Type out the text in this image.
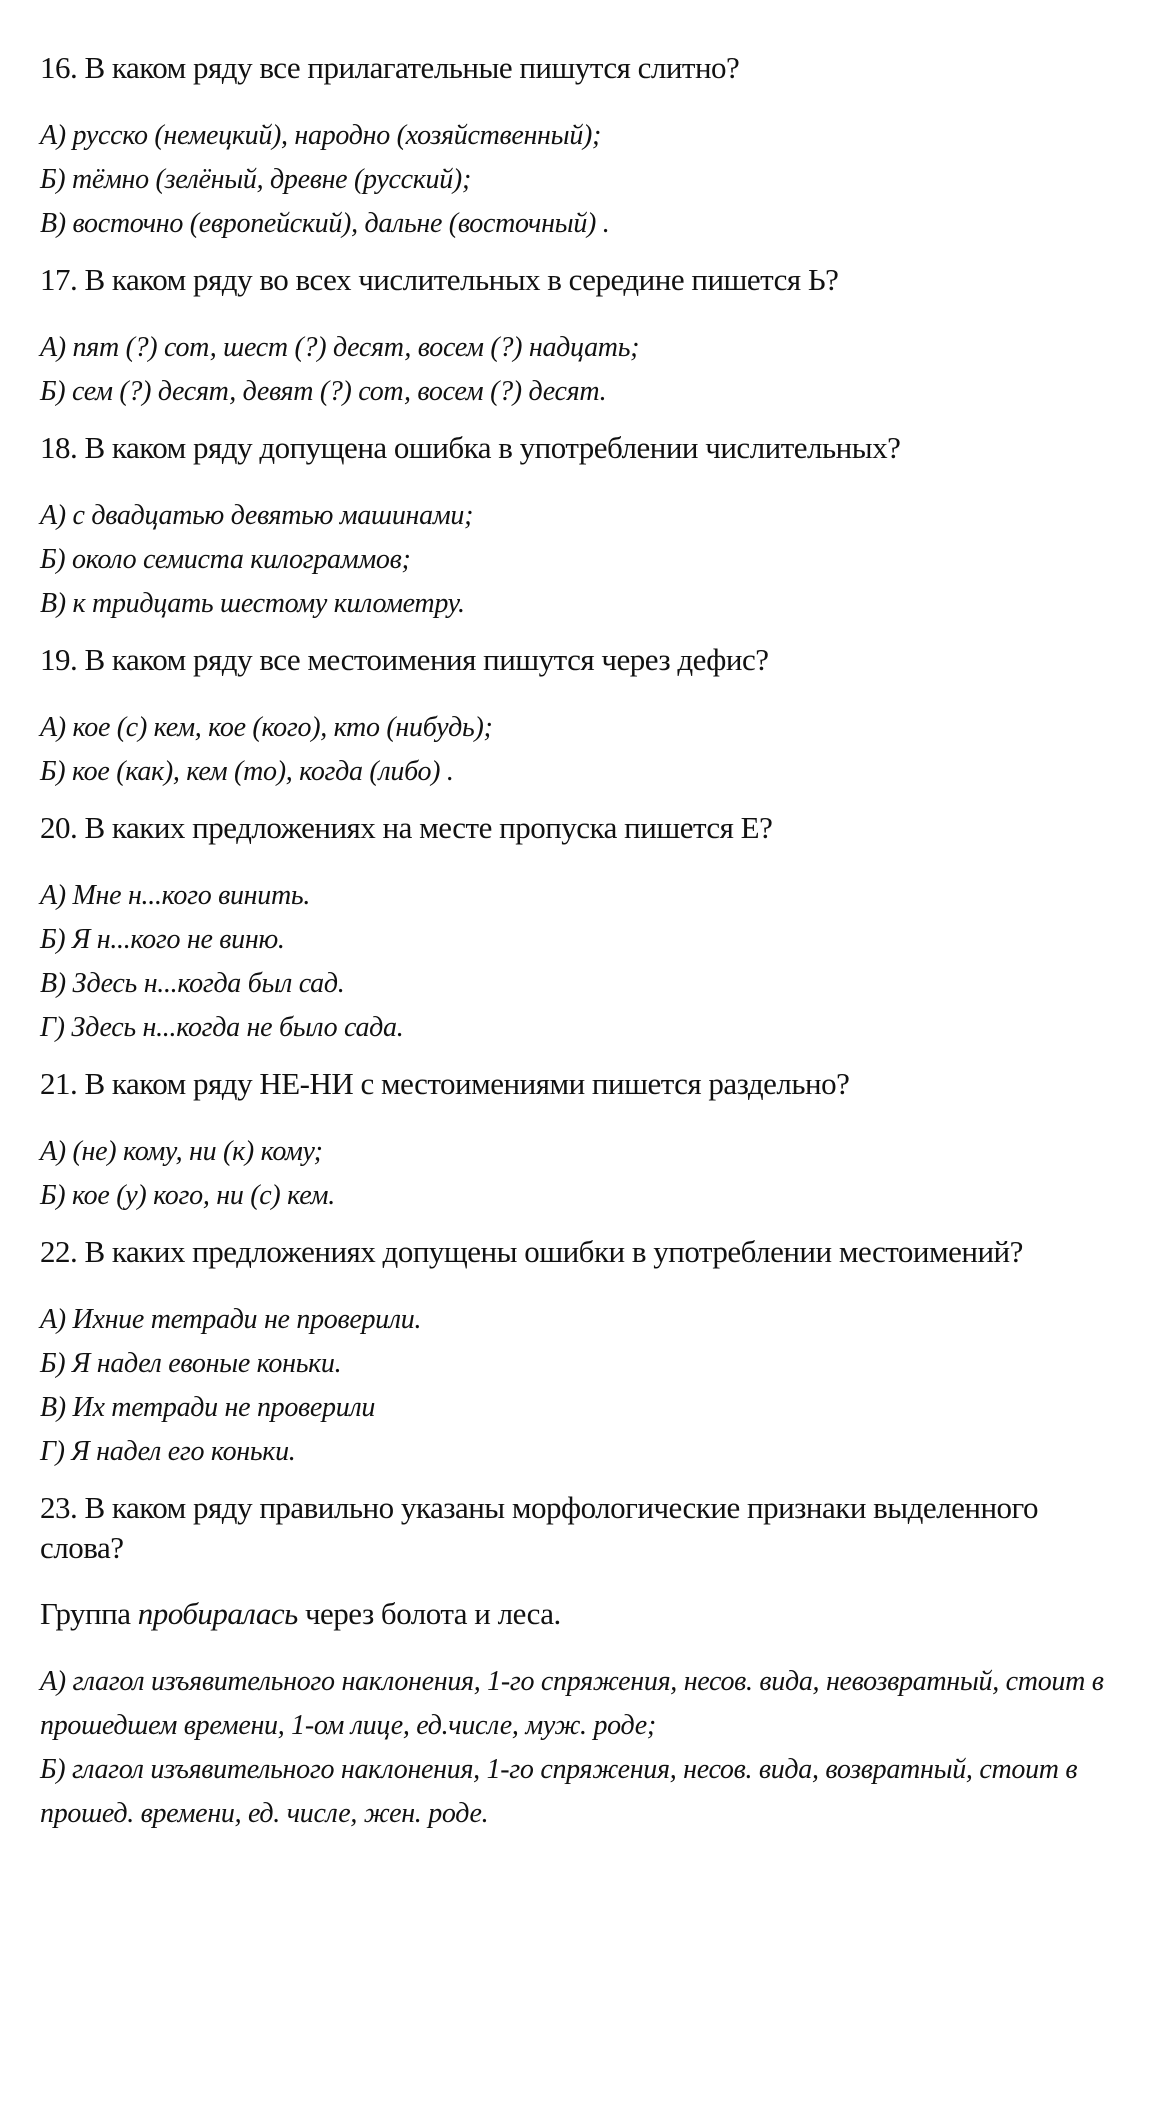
16. В каком ряду все прилагательные пишутся слитно?

А) русско (немецкий), народно (хозяйственный);

Б) тёмно (зелёный, древне (русский);

В) восточно (европейский), дальне (восточный) .

17. В каком ряду во всех числительных в середине пишется Ь?

А) пят (?) сот, шест (?) десят, восем (?) надцать;

Б) сем (?) десят, девят (?) сот, восем (?) десят.

18. В каком ряду допущена ошибка в употреблении числительных?

А) с двадцатью девятью машинами;

Б) около семиста килограммов;

В) к тридцать шестому километру.

19. В каком ряду все местоимения пишутся через дефис?

А) кое (с) кем, кое (кого), кто (нибудь);

Б) кое (как), кем (то), когда (либо) .

20. В каких предложениях на месте пропуска пишется Е?

А) Мне н...кого винить.

Б) Я н...кого не виню.

В) Здесь н...когда был сад.

Г) Здесь н...когда не было сада.

21. В каком ряду НЕ-НИ с местоимениями пишется раздельно?

А) (не) кому, ни (к) кому;

Б) кое (у) кого, ни (с) кем.

22. В каких предложениях допущены ошибки в употреблении местоимений?

А) Ихние тетради не проверили.

Б) Я надел евоные коньки.

В) Их тетради не проверили

Г) Я надел его коньки.

23. В каком ряду правильно указаны морфологические признаки выделенного слова?

Группа пробиралась через болота и леса.

А) глагол изъявительного наклонения, 1-го спряжения, несов. вида, невозвратный, стоит в прошедшем времени, 1-ом лице, ед.числе, муж. роде;

Б) глагол изъявительного наклонения, 1-го спряжения, несов. вида, возвратный, стоит в прошед. времени, ед. числе, жен. роде.
